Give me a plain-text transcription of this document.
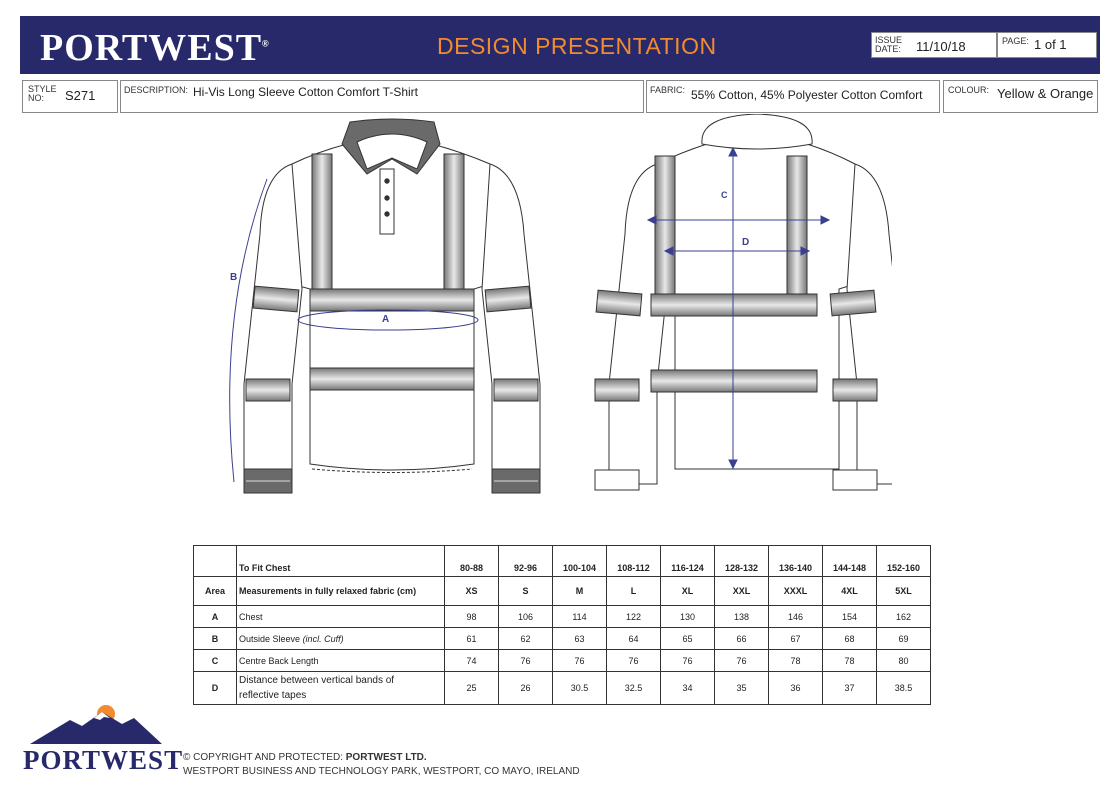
PORTWEST®	DESIGN PRESENTATION	ISSUE
DATE: 11/10/18	PAGE: 1 of 1
STYLE
NO: S271	DESCRIPTION: Hi-Vis Long Sleeve Cotton Comfort T-Shirt	FABRIC: 55% Cotton, 45% Polyester Cotton Comfort	COLOUR: Yellow & Orange
B
A
C
D
	To Fit Chest	80-88	92-96	100-104	108-112	116-124	128-132	136-140	144-148	152-160
Area	Measurements in fully relaxed fabric (cm)	XS	S	M	L	XL	XXL	XXXL	4XL	5XL
A	Chest	98	106	114	122	130	138	146	154	162
B	Outside Sleeve (incl. Cuff)	61	62	63	64	65	66	67	68	69
C	Centre Back Length	74	76	76	76	76	76	78	78	80
D	Distance between vertical bands of
reflective tapes	25	26	30.5	32.5	34	35	36	37	38.5
PORTWEST © COPYRIGHT AND PROTECTED: PORTWEST LTD.
WESTPORT BUSINESS AND TECHNOLOGY PARK, WESTPORT, CO MAYO, IRELAND
